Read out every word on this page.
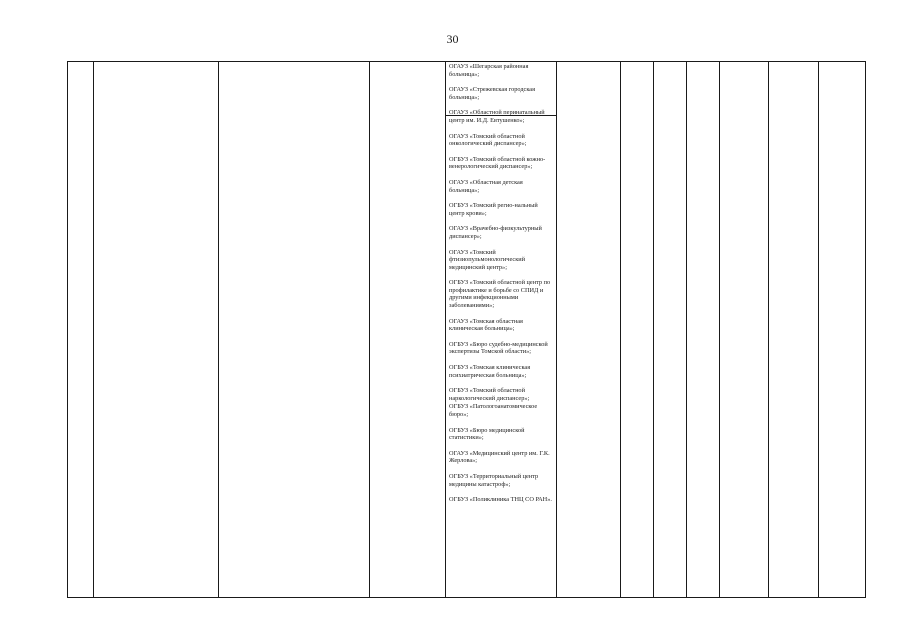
30
ОГАУЗ «Шегарская районная больница»;
ОГАУЗ «Стрежевская городская больница»;
ОГАУЗ «Областной перинатальный центр им. И.Д. Евтушенко»;
ОГАУЗ «Томский областной онкологический диспансер»;
ОГБУЗ «Томский областной кожно-венерологический диспансер»;
ОГАУЗ «Областная детская больница»;
ОГБУЗ «Томский регио-нальный центр крови»;
ОГАУЗ «Врачебно-физкультурный диспансер»;
ОГАУЗ «Томский фтизиопульмонологический медицинский центр»;
ОГБУЗ «Томский областной центр по профилактике и борьбе со СПИД и другими инфекционными заболеваниями»;
ОГАУЗ «Томская областная клиническая больница»;
ОГБУЗ «Бюро судебно-медицинской экспертизы Томской области»;
ОГБУЗ «Томская клиническая психиатрическая больница»;
ОГБУЗ «Томский областной наркологический диспансер»;
ОГБУЗ «Патологоанатомическое бюро»;
ОГБУЗ «Бюро медицинской статистики»;
ОГАУЗ «Медицинский центр им. Г.К. Жерлова»;
ОГБУЗ «Территориальный центр медицины катастроф»;
ОГБУЗ «Поликлиника ТНЦ СО РАН».
